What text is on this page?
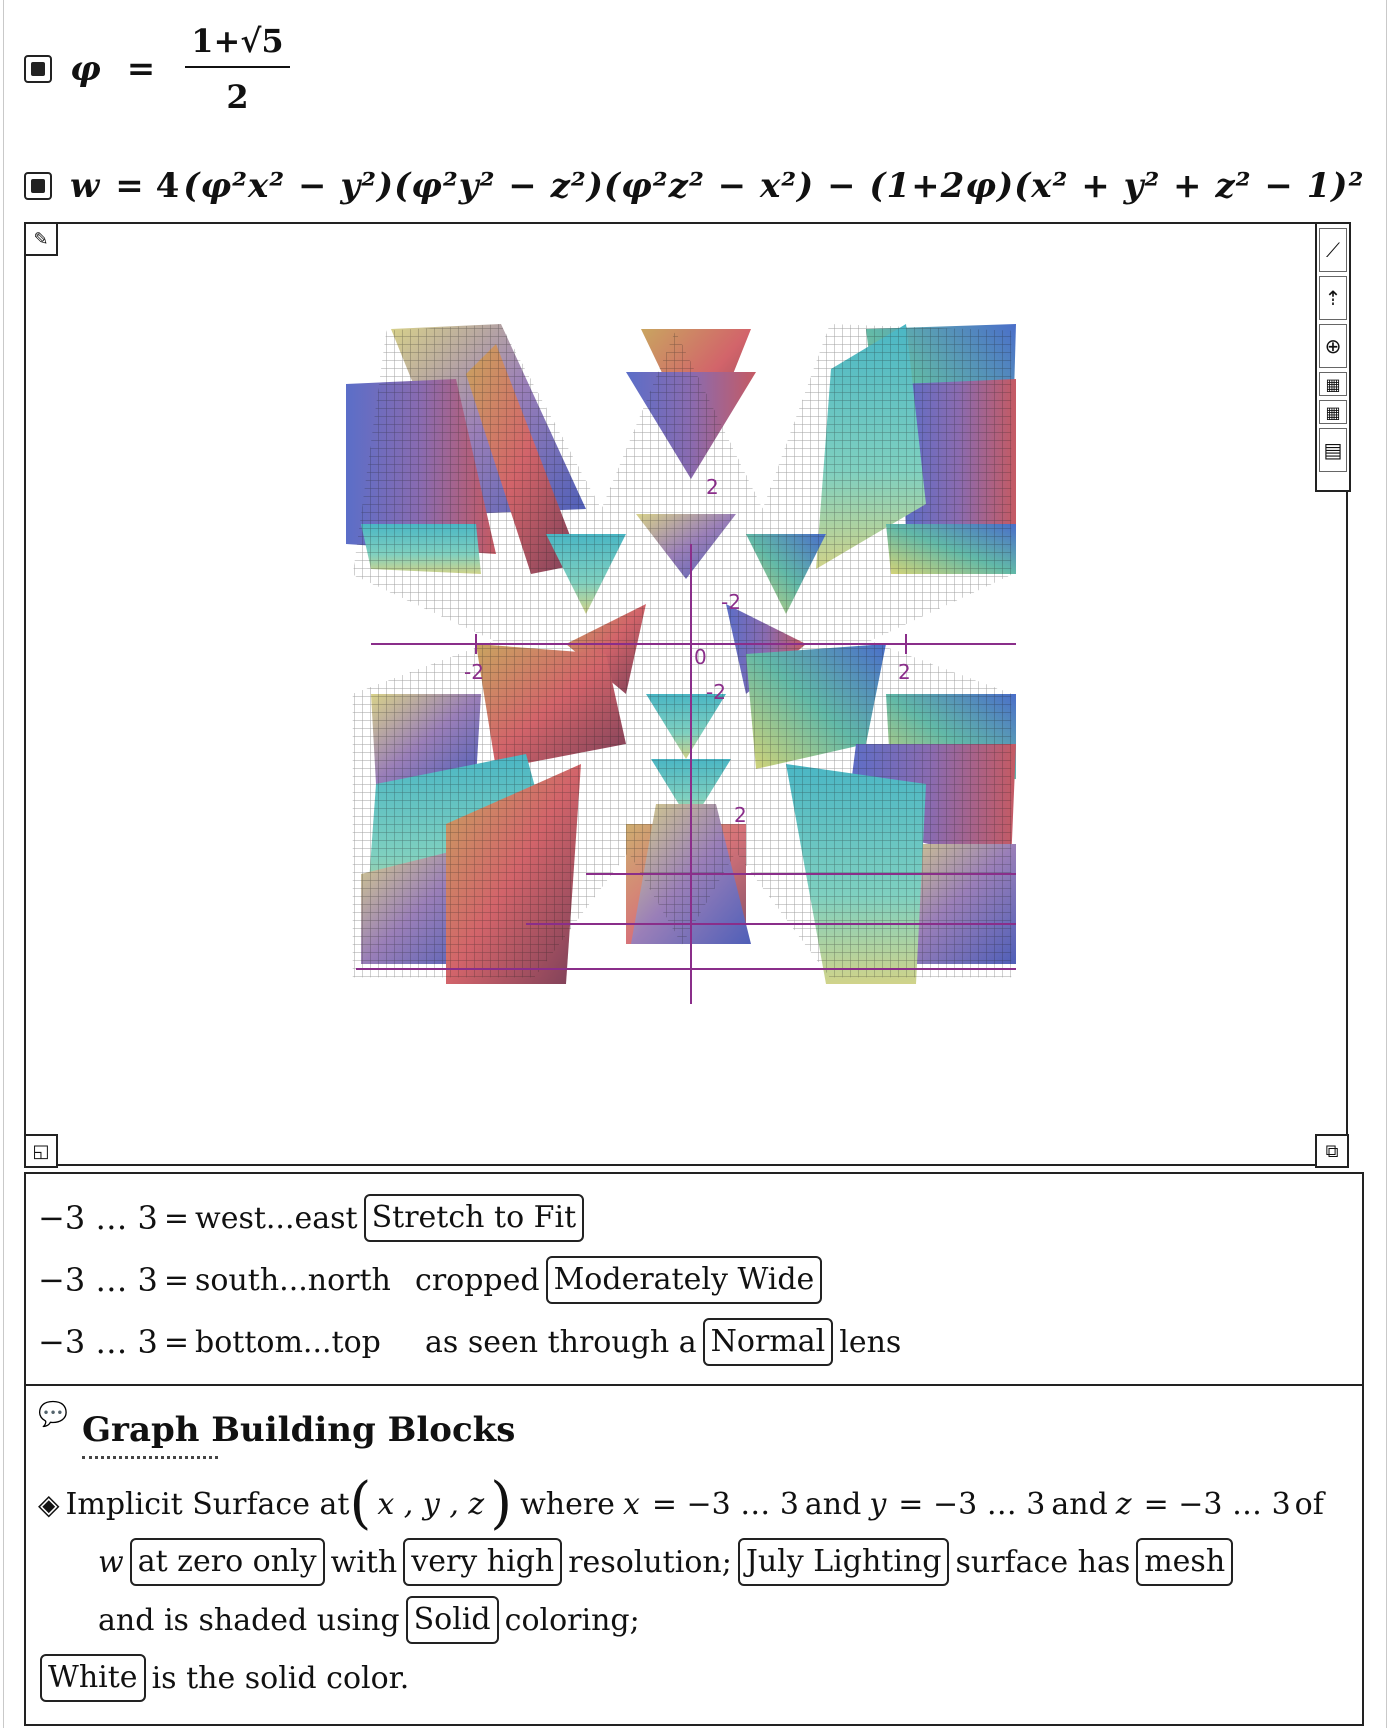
$\varphi = \frac{1+√5}{2}$
w = 4 (φ²x² − y²)(φ²y² − z²)(φ²z² − x²) − (1+2φ)(x² + y² + z² − 1)²
-2	2
2
-2
-2
2
0
✎
◱	⧉
⟋
⇡
⊕
▦
▦
▤
−3 … 3 = west...east Stretch to Fit
−3 … 3 = south...north cropped Moderately Wide
−3 … 3 = bottom...top	as seen through a Normal lens
💬 Graph Building Blocks
◈ Implicit Surface at ( x , y , z ) where x = −3 … 3 and y = −3 … 3 and z = −3 … 3 of
w at zero only with very high resolution; July Lighting surface has mesh
and is shaded using Solid coloring;
White is the solid color.
